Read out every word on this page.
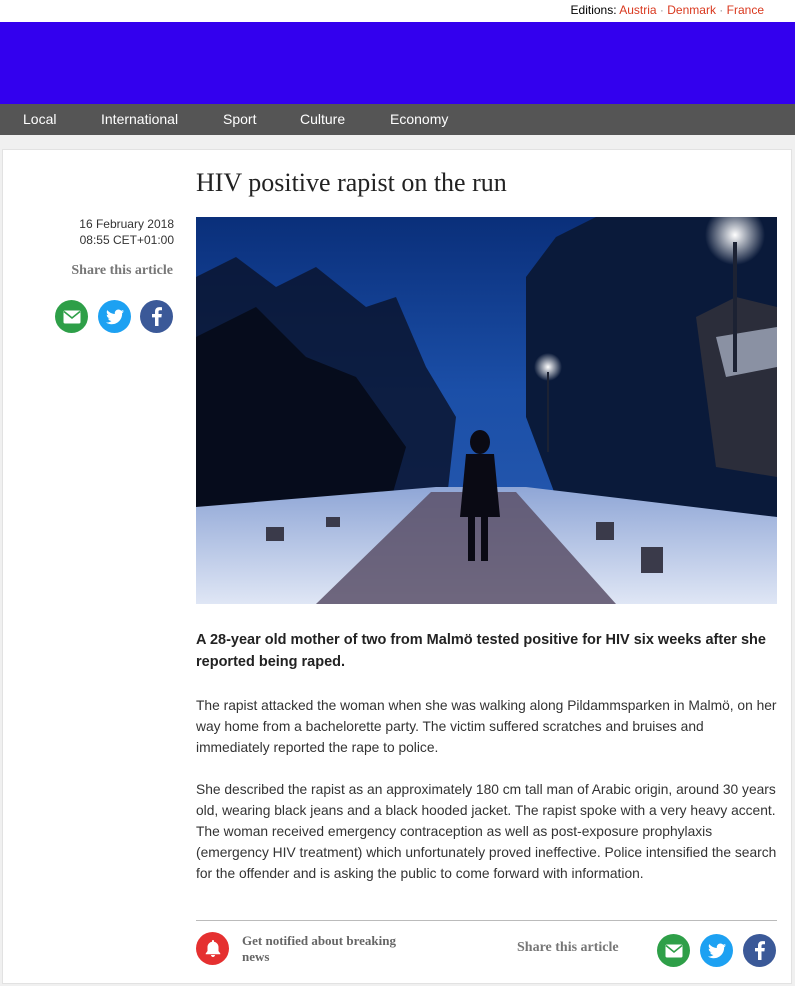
Editions: Austria · Denmark · France
Local	International	Sport	Culture	Economy
HIV positive rapist on the run
16 February 2018
08:55 CET+01:00
Share this article

A 28-year old mother of two from Malmö tested positive for HIV six weeks after she reported being raped.

The rapist attacked the woman when she was walking along Pildammsparken in Malmö, on her way home from a bachelorette party. The victim suffered scratches and bruises and immediately reported the rape to police.

She described the rapist as an approximately 180 cm tall man of Arabic origin, around 30 years old, wearing black jeans and a black hooded jacket. The rapist spoke with a very heavy accent. The woman received emergency contraception as well as post-exposure prophylaxis (emergency HIV treatment) which unfortunately proved ineffective. Police intensified the search for the offender and is asking the public to come forward with information.

Get notified about breaking news
Share this article
